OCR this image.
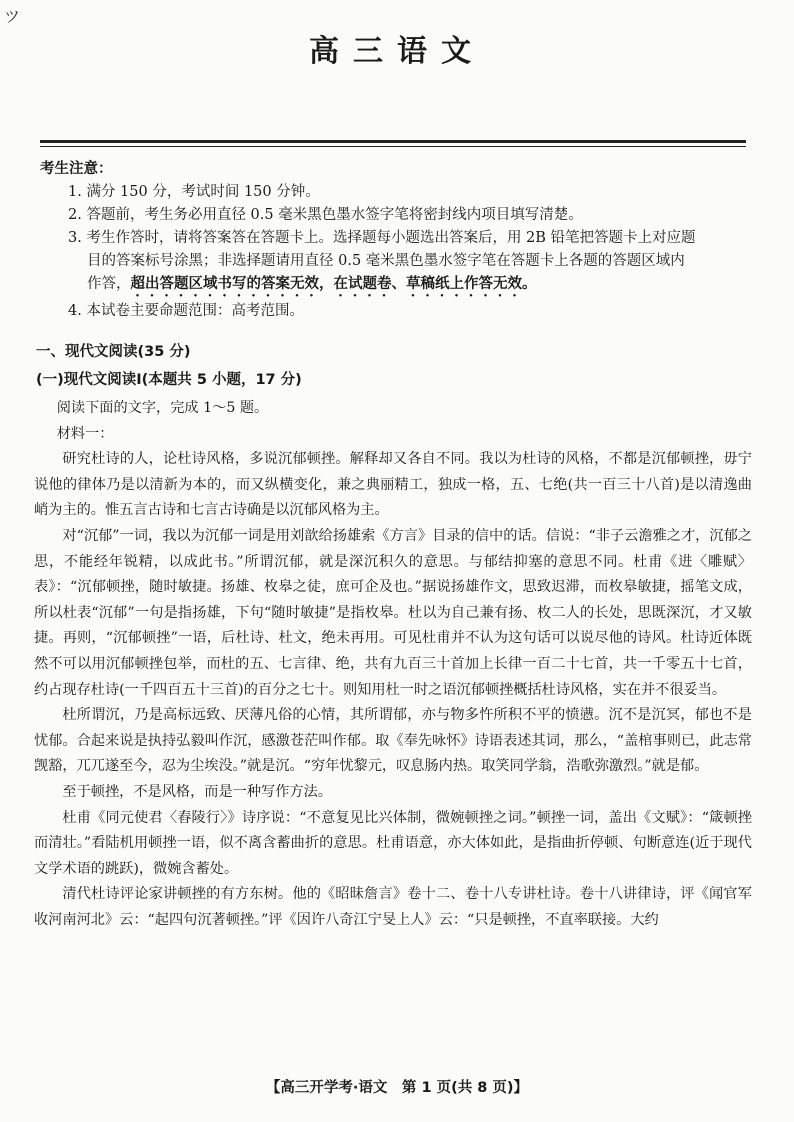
ツ
高三语文
考生注意：
1. 满分 150 分，考试时间 150 分钟。
2. 答题前，考生务必用直径 0.5 毫米黑色墨水签字笔将密封线内项目填写清楚。
3. 考生作答时，请将答案答在答题卡上。选择题每小题选出答案后，用 2B 铅笔把答题卡上对应题
目的答案标号涂黑；非选择题请用直径 0.5 毫米黑色墨水签字笔在答题卡上各题的答题区域内
作答，超出答题区域书写的答案无效，在试题卷、草稿纸上作答无效。
4. 本试卷主要命题范围：高考范围。
一、现代文阅读(35 分)
(一)现代文阅读Ⅰ(本题共 5 小题，17 分)

阅读下面的文字，完成 1～5 题。

材料一：

研究杜诗的人，论杜诗风格，多说沉郁顿挫。解释却又各自不同。我以为杜诗的风格，不都是沉郁顿挫，毋宁说他的律体乃是以清新为本的，而又纵横变化，兼之典丽精工，独成一格，五、七绝(共一百三十八首)是以清逸曲峭为主的。惟五言古诗和七言古诗确是以沉郁风格为主。

对“沉郁”一词，我以为沉郁一词是用刘歆给扬雄索《方言》目录的信中的话。信说：“非子云澹雅之才，沉郁之思，不能经年锐精，以成此书。”所谓沉郁，就是深沉积久的意思。与郁结抑塞的意思不同。杜甫《进〈雕赋〉表》：“沉郁顿挫，随时敏捷。扬雄、枚皋之徒，庶可企及也。”据说扬雄作文，思致迟滞，而枚皋敏捷，摇笔文成，所以杜表“沉郁”一句是指扬雄，下句“随时敏捷”是指枚皋。杜以为自己兼有扬、枚二人的长处，思既深沉，才又敏捷。再则，“沉郁顿挫”一语，后杜诗、杜文，绝未再用。可见杜甫并不认为这句话可以说尽他的诗风。杜诗近体既然不可以用沉郁顿挫包举，而杜的五、七言律、绝，共有九百三十首加上长律一百二十七首，共一千零五十七首，约占现存杜诗(一千四百五十三首)的百分之七十。则知用杜一时之语沉郁顿挫概括杜诗风格，实在并不很妥当。

杜所谓沉，乃是高标远致、厌薄凡俗的心情，其所谓郁，亦与物多忤所积不平的愤懑。沉不是沉冥，郁也不是忧郁。合起来说是执持弘毅叫作沉，感激苍茫叫作郁。取《奉先咏怀》诗语表述其词，那么，“盖棺事则已，此志常觊豁，兀兀遂至今，忍为尘埃没。”就是沉。“穷年忧黎元，叹息肠内热。取笑同学翁，浩歌弥激烈。”就是郁。

至于顿挫，不是风格，而是一种写作方法。

杜甫《同元使君〈舂陵行〉》诗序说：“不意复见比兴体制，微婉顿挫之词。”顿挫一词，盖出《文赋》：“箴顿挫而清壮。”看陆机用顿挫一语，似不离含蓄曲折的意思。杜甫语意，亦大体如此，是指曲折停顿、句断意连(近于现代文学术语的跳跃)，微婉含蓄处。

清代杜诗评论家讲顿挫的有方东树。他的《昭昧詹言》卷十二、卷十八专讲杜诗。卷十八讲律诗，评《闻官军收河南河北》云：“起四句沉著顿挫。”评《因许八奇江宁旻上人》云：“只是顿挫，不直率联接。大约

【高三开学考·语文　第 1 页(共 8 页)】
